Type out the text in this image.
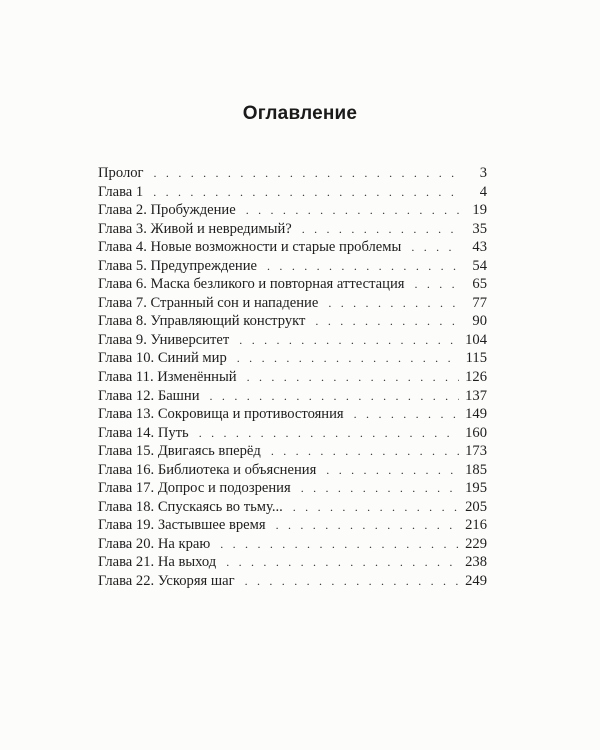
Оглавление
Пролог . . .	3
Глава 1 . . .	4
Глава 2. Пробуждение . . .	19
Глава 3. Живой и невредимый? . . .	35
Глава 4. Новые возможности и старые проблемы . . .	43
Глава 5. Предупреждение . . .	54
Глава 6. Маска безликого и повторная аттестация . . .	65
Глава 7. Странный сон и нападение . . .	77
Глава 8. Управляющий конструкт . . .	90
Глава 9. Университет . . .	104
Глава 10. Синий мир . . .	115
Глава 11. Изменённый . . .	126
Глава 12. Башни . . .	137
Глава 13. Сокровища и противостояния . . .	149
Глава 14. Путь . . .	160
Глава 15. Двигаясь вперёд . . .	173
Глава 16. Библиотека и объяснения . . .	185
Глава 17. Допрос и подозрения . . .	195
Глава 18. Спускаясь во тьму... . . .	205
Глава 19. Застывшее время . . .	216
Глава 20. На краю . . .	229
Глава 21. На выход . . .	238
Глава 22. Ускоряя шаг . . .	249
